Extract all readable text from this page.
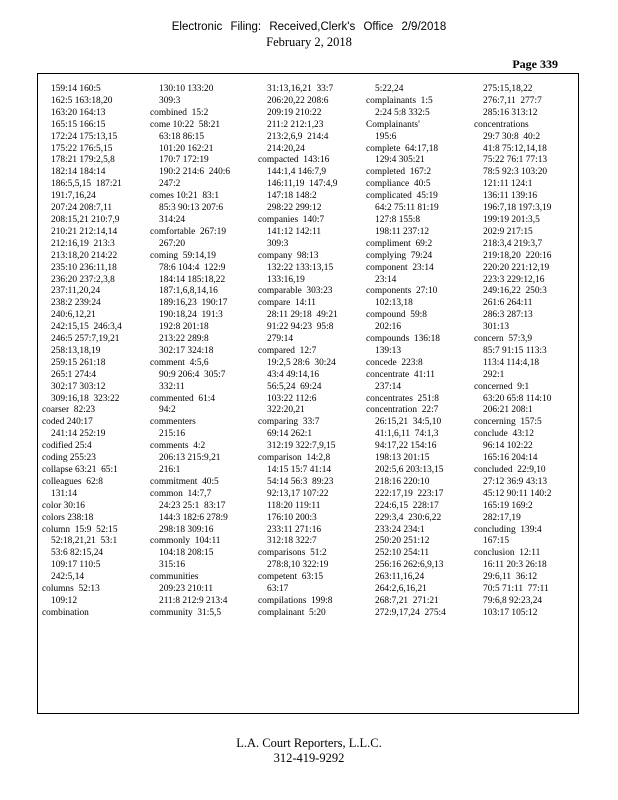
Electronic Filing: Received,Clerk's Office 2/9/2018
February 2, 2018
Page 339
159:14 160:5
162:5 163:18,20
163:20 164:13
165:15 166:15
172:24 175:13,15
175:22 176:5,15
178:21 179:2,5,8
182:14 184:14
186:5,5,15  187:21
191:7,16,24
207:24 208:7,11
208:15,21 210:7,9
210:21 212:14,14
212:16,19  213:3
213:18,20 214:22
235:10 236:11,18
236:20 237:2,3,8
237:11,20,24
238:2 239:24
240:6,12,21
242:15,15  246:3,4
246:5 257:7,19,21
258:13,18,19
259:15 261:18
265:1 274:4
302:17 303:12
309:16,18  323:22
coarser  82:23
coded 240:17
241:14 252:19
codified 25:4
coding 255:23
collapse 63:21  65:1
colleagues  62:8
131:14
color 30:16
colors 238:18
column  15:9  52:15
52:18,21,21  53:1
53:6 82:15,24
109:17 110:5
242:5,14
columns  52:13
109:12
combination
130:10 133:20
309:3
combined  15:2
come 10:22  58:21
63:18 86:15
101:20 162:21
170:7 172:19
190:2 214:6  240:6
247:2
comes 10:21  83:1
85:3 90:13 207:6
314:24
comfortable  267:19
267:20
coming  59:14,19
78:6 104:4  122:9
184:14 185:18,22
187:1,6,8,14,16
189:16,23  190:17
190:18,24  191:3
192:8 201:18
213:22 289:8
302:17 324:18
comment  4:5,6
90:9 206:4  305:7
332:11
commented  61:4
94:2
commenters
215:16
comments  4:2
206:13 215:9,21
216:1
commitment  40:5
common  14:7,7
24:23 25:1  83:17
144:3 182:6 278:9
298:18 309:16
commonly  104:11
104:18 208:15
315:16
communities
209:23 210:11
211:8 212:9 213:4
community  31:5,5
31:13,16,21  33:7
206:20,22 208:6
209:19 210:22
211:2 212:1,23
213:2,6,9  214:4
214:20,24
compacted  143:16
144:1,4 146:7,9
146:11,19  147:4,9
147:18 148:2
298:22 299:12
companies  140:7
141:12 142:11
309:3
company  98:13
132:22 133:13,15
133:16,19
comparable  303:23
compare  14:11
28:11 29:18  49:21
91:22 94:23  95:8
279:14
compared  12:7
19:2,5 28:6  30:24
43:4 49:14,16
56:5,24  69:24
103:22 112:6
322:20,21
comparing  33:7
69:14 262:1
312:19 322:7,9,15
comparison  14:2,8
14:15 15:7 41:14
54:14 56:3  89:23
92:13,17 107:22
118:20 119:11
176:10 200:3
233:11 271:16
312:18 322:7
comparisons  51:2
278:8,10 322:19
competent  63:15
63:17
compilations  199:8
complainant  5:20
5:22,24
complainants  1:5
2:24 5:8 332:5
Complainants'
195:6
complete  64:17,18
129:4 305:21
completed  167:2
compliance  40:5
complicated  45:19
64:2 75:11 81:19
127:8 155:8
198:11 237:12
compliment  69:2
complying  79:24
component  23:14
23:14
components  27:10
102:13,18
compound  59:8
202:16
compounds  136:18
139:13
concede  223:8
concentrate  41:11
237:14
concentrates  251:8
concentration  22:7
26:15,21  34:5,10
41:1,6,11  74:1,3
94:17,22 154:16
198:13 201:15
202:5,6 203:13,15
218:16 220:10
222:17,19  223:17
224:6,15  228:17
229:3,4  230:6,22
233:24 234:1
250:20 251:12
252:10 254:11
256:16 262:6,9,13
263:11,16,24
264:2,6,16,21
268:7,21  271:21
272:9,17,24  275:4
275:15,18,22
276:7,11  277:7
285:16 313:12
concentrations
29:7 30:8  40:2
41:8 75:12,14,18
75:22 76:1 77:13
78:5 92:3 103:20
121:11 124:1
136:11 139:16
196:7,18 197:3,19
199:19 201:3,5
202:9 217:15
218:3,4 219:3,7
219:18,20  220:16
220:20 221:12,19
223:3 229:12,16
249:16,22  250:3
261:6 264:11
286:3 287:13
301:13
concern  57:3,9
85:7 91:15 113:3
113:4 114:4,18
292:1
concerned  9:1
63:20 65:8 114:10
206:21 208:1
concerning  157:5
conclude  43:12
96:14 102:22
165:16 204:14
concluded  22:9,10
27:12 36:9 43:13
45:12 90:11 140:2
165:19 169:2
282:17,19
concluding  139:4
167:15
conclusion  12:11
16:11 20:3 26:18
29:6,11  36:12
70:5 71:11  77:11
79:6,8 92:23,24
103:17 105:12
L.A. Court Reporters, L.L.C.
312-419-9292
